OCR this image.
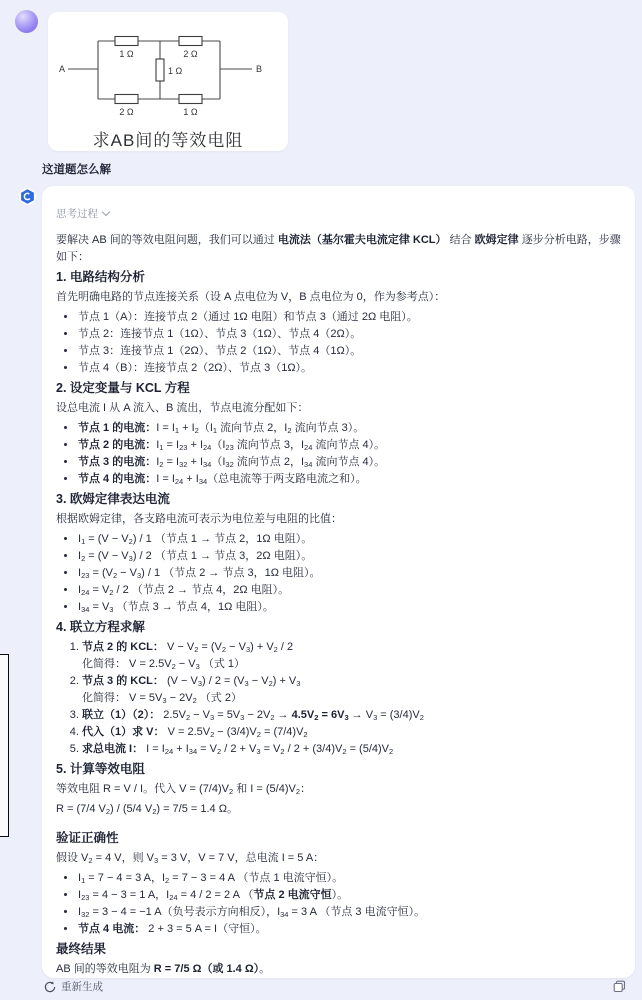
A	B
1 Ω	2 Ω
1 Ω
2 Ω	1 Ω
求AB间的等效电阻
这道题怎么解
思考过程

要解决 AB 间的等效电阻问题，我们可以通过 电流法（基尔霍夫电流定律 KCL） 结合 欧姆定律 逐步分析电路，步骤如下：

1. 电路结构分析

首先明确电路的节点连接关系（设 A 点电位为 V，B 点电位为 0，作为参考点）：

• 节点 1（A）：连接节点 2（通过 1Ω 电阻）和节点 3（通过 2Ω 电阻）。
• 节点 2：连接节点 1（1Ω）、节点 3（1Ω）、节点 4（2Ω）。
• 节点 3：连接节点 1（2Ω）、节点 2（1Ω）、节点 4（1Ω）。
• 节点 4（B）：连接节点 2（2Ω）、节点 3（1Ω）。
2. 设定变量与 KCL 方程

设总电流 I 从 A 流入、B 流出，节点电流分配如下：

• 节点 1 的电流：$I = I_1 + I_2(I_1$ 流向节点 2，$I_2$ 流向节点 3）。
• 节点 2 的电流：$I_1 = I_{23} + I_{24}(I_{23}$ 流向节点 3，$I_{24}$ 流向节点 4）。
• 节点 3 的电流：$I_2 = I_{32} + I_{34}(I_{32}$ 流向节点 2，$I_{34}$ 流向节点 4）。
• 节点 4 的电流：$I = I_{24} + I_{34}$（总电流等于两支路电流之和）。
3. 欧姆定律表达电流

根据欧姆定律，各支路电流可表示为电位差与电阻的比值：

• $I_1 = (V - V_2) / 1$ （节点 1 → 节点 2，1Ω 电阻）。
• $I_2 = (V - V_3) / 2$ （节点 1 → 节点 3，2Ω 电阻）。
• $I_{23} = (V_2 - V_3) / 1$ （节点 2 → 节点 3，1Ω 电阻）。
• $I_{24} = V_2 / 2$ （节点 2 → 节点 4，2Ω 电阻）。
• $I_{34} = V_3$ （节点 3 → 节点 4，1Ω 电阻）。
4. 联立方程求解
1. 节点 2 的 KCL： $V - V_2 = (V_2 - V_3) + V_2 / 2$
化简得： $V = 2.5V_2 - V_3$ （式 1）
2. 节点 3 的 KCL： $(V - V_3) / 2 = (V_3 - V_2) + V_3$
化简得： $V = 5V_3 - 2V_2$ （式 2）
3. 联立（1）（2）： $2.5V_2 - V_3 = 5V_3 - 2V_2 \to 4.5V_2 = 6V_3 \to V_3 = (3/4)V_2$
4. 代入（1）求 V： $V = 2.5V_2 - (3/4)V_2 = (7/4)V_2$
5. 求总电流 I： $I = I_{24} + I_{34} = V_2 / 2 + V_3 = V_2 / 2 + (3/4)V_2 = (5/4)V_2$
5. 计算等效电阻

等效电阻 R = V / I。代入 $V = (7/4)V_2$ 和 $I = (5/4)V_2$：

R = (7/4 $V_2) / (5/4$ $V_2) = 7/5 = 1.4$ Ω。

验证正确性

假设 $V_2 = 4$ V，则 $V_3 = 3$ V，V = 7 V，总电流 I = 5 A：

• $I_1 = 7 - 4 = 3$ A，$I_2 = 7 - 3 = 4$ A （节点 1 电流守恒）。
• $I_{23} = 4 - 3 = 1$ A，$I_{24} = 4 / 2 = 2$ A （节点 2 电流守恒）。
• $I_{32} = 3 - 4 = -1$ A（负号表示方向相反），$I_{34} = 3$ A （节点 3 电流守恒）。
• 节点 4 电流： 2 + 3 = 5 A = I（守恒）。
最终结果

AB 间的等效电阻为 R = 7/5 Ω（或 1.4 Ω）。

重新生成
